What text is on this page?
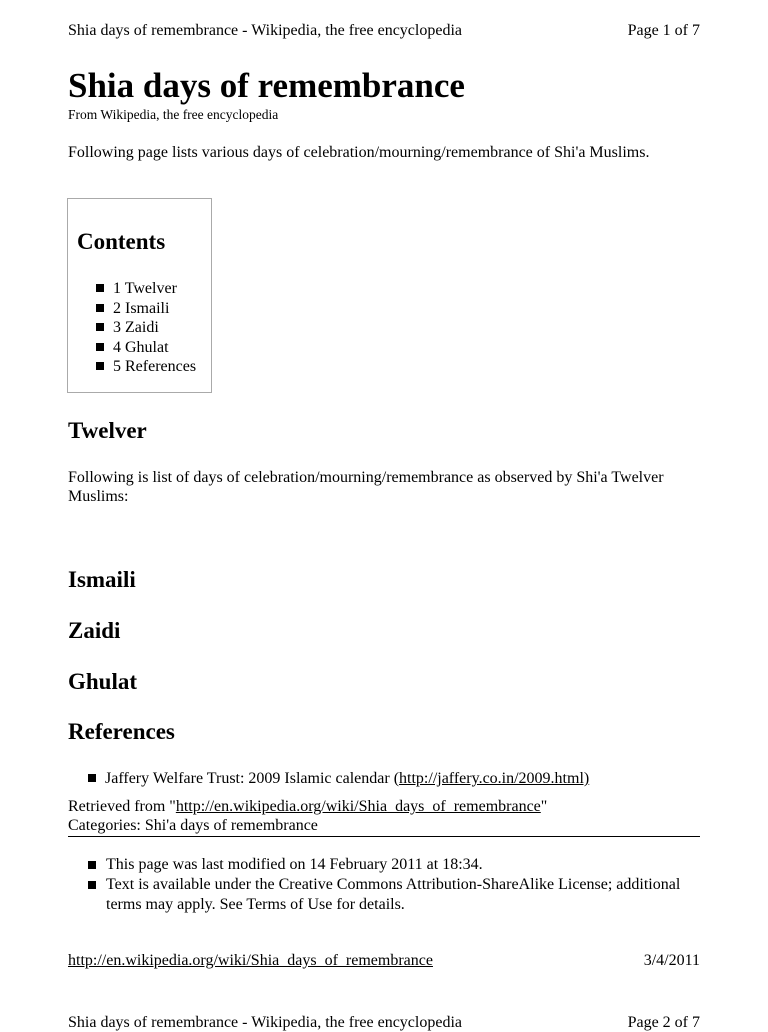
Shia days of remembrance - Wikipedia, the free encyclopedia	Page 1 of 7
Shia days of remembrance
From Wikipedia, the free encyclopedia
Following page lists various days of celebration/mourning/remembrance of Shi'a Muslims.
Contents
1 Twelver
2 Ismaili
3 Zaidi
4 Ghulat
5 References
Twelver
Following is list of days of celebration/mourning/remembrance as observed by Shi'a Twelver Muslims:
Ismaili
Zaidi
Ghulat
References
Jaffery Welfare Trust: 2009 Islamic calendar (http://jaffery.co.in/2009.html)
Retrieved from "http://en.wikipedia.org/wiki/Shia_days_of_remembrance"
Categories: Shi'a days of remembrance
This page was last modified on 14 February 2011 at 18:34.
Text is available under the Creative Commons Attribution-ShareAlike License; additional terms may apply. See Terms of Use for details.
http://en.wikipedia.org/wiki/Shia_days_of_remembrance	3/4/2011
Shia days of remembrance - Wikipedia, the free encyclopedia	Page 2 of 7
